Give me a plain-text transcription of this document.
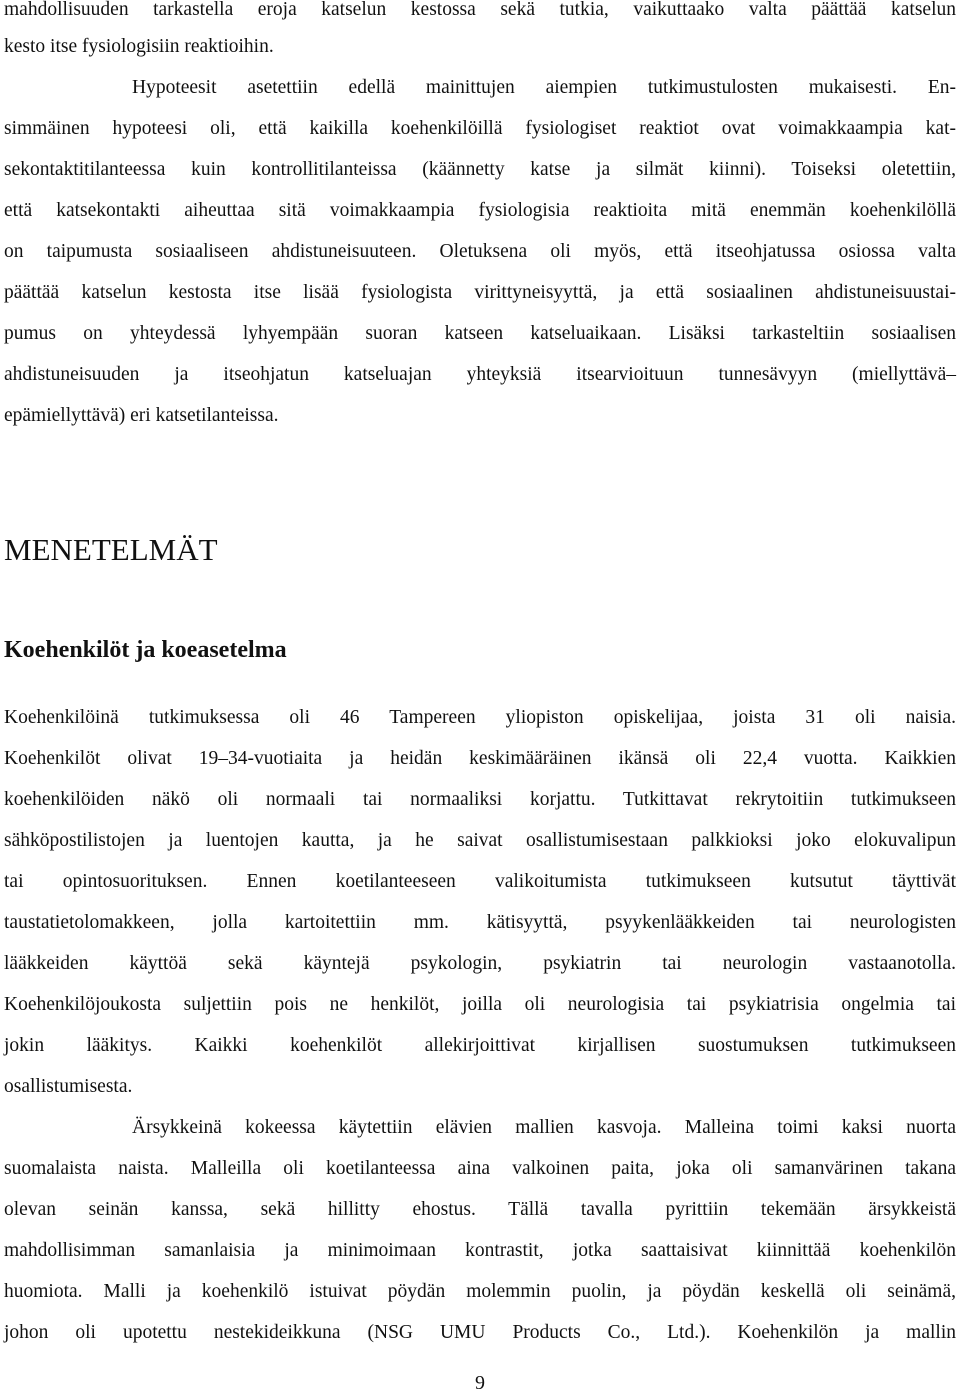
mahdollisuuden tarkastella eroja katselun kestossa sekä tutkia, vaikuttaako valta päättää katselun
kesto itse fysiologisiin reaktioihin.
Hypoteesit asetettiin edellä mainittujen aiempien tutkimustulosten mukaisesti. En-
simmäinen hypoteesi oli, että kaikilla koehenkilöillä fysiologiset reaktiot ovat voimakkaampia kat-
sekontaktitilanteessa kuin kontrollitilanteissa (käännetty katse ja silmät kiinni). Toiseksi oletettiin,
että katsekontakti aiheuttaa sitä voimakkaampia fysiologisia reaktioita mitä enemmän koehenkilöllä
on taipumusta sosiaaliseen ahdistuneisuuteen. Oletuksena oli myös, että itseohjatussa osiossa valta
päättää katselun kestosta itse lisää fysiologista virittyneisyyttä, ja että sosiaalinen ahdistuneisuustai-
pumus on yhteydessä lyhyempään suoran katseen katseluaikaan. Lisäksi tarkasteltiin sosiaalisen
ahdistuneisuuden ja itseohjatun katseluajan yhteyksiä itsearvioituun tunnesävyyn (miellyttävä–
epämiellyttävä) eri katsetilanteissa.
MENETELMÄT
Koehenkilöt ja koeasetelma
Koehenkilöinä tutkimuksessa oli 46 Tampereen yliopiston opiskelijaa, joista 31 oli naisia.
Koehenkilöt olivat 19–34-vuotiaita ja heidän keskimääräinen ikänsä oli 22,4 vuotta. Kaikkien
koehenkilöiden näkö oli normaali tai normaaliksi korjattu. Tutkittavat rekrytoitiin tutkimukseen
sähköpostilistojen ja luentojen kautta, ja he saivat osallistumisestaan palkkioksi joko elokuvalipun
tai opintosuorituksen. Ennen koetilanteeseen valikoitumista tutkimukseen kutsutut täyttivät
taustatietolomakkeen, jolla kartoitettiin mm. kätisyyttä, psyykenlääkkeiden tai neurologisten
lääkkeiden käyttöä sekä käyntejä psykologin, psykiatrin tai neurologin vastaanotolla.
Koehenkilöjoukosta suljettiin pois ne henkilöt, joilla oli neurologisia tai psykiatrisia ongelmia tai
jokin lääkitys. Kaikki koehenkilöt allekirjoittivat kirjallisen suostumuksen tutkimukseen
osallistumisesta.
Ärsykkeinä kokeessa käytettiin elävien mallien kasvoja. Malleina toimi kaksi nuorta
suomalaista naista. Malleilla oli koetilanteessa aina valkoinen paita, joka oli samanvärinen takana
olevan seinän kanssa, sekä hillitty ehostus. Tällä tavalla pyrittiin tekemään ärsykkeistä
mahdollisimman samanlaisia ja minimoimaan kontrastit, jotka saattaisivat kiinnittää koehenkilön
huomiota. Malli ja koehenkilö istuivat pöydän molemmin puolin, ja pöydän keskellä oli seinämä,
johon oli upotettu nestekideikkuna (NSG UMU Products Co., Ltd.). Koehenkilön ja mallin
9
